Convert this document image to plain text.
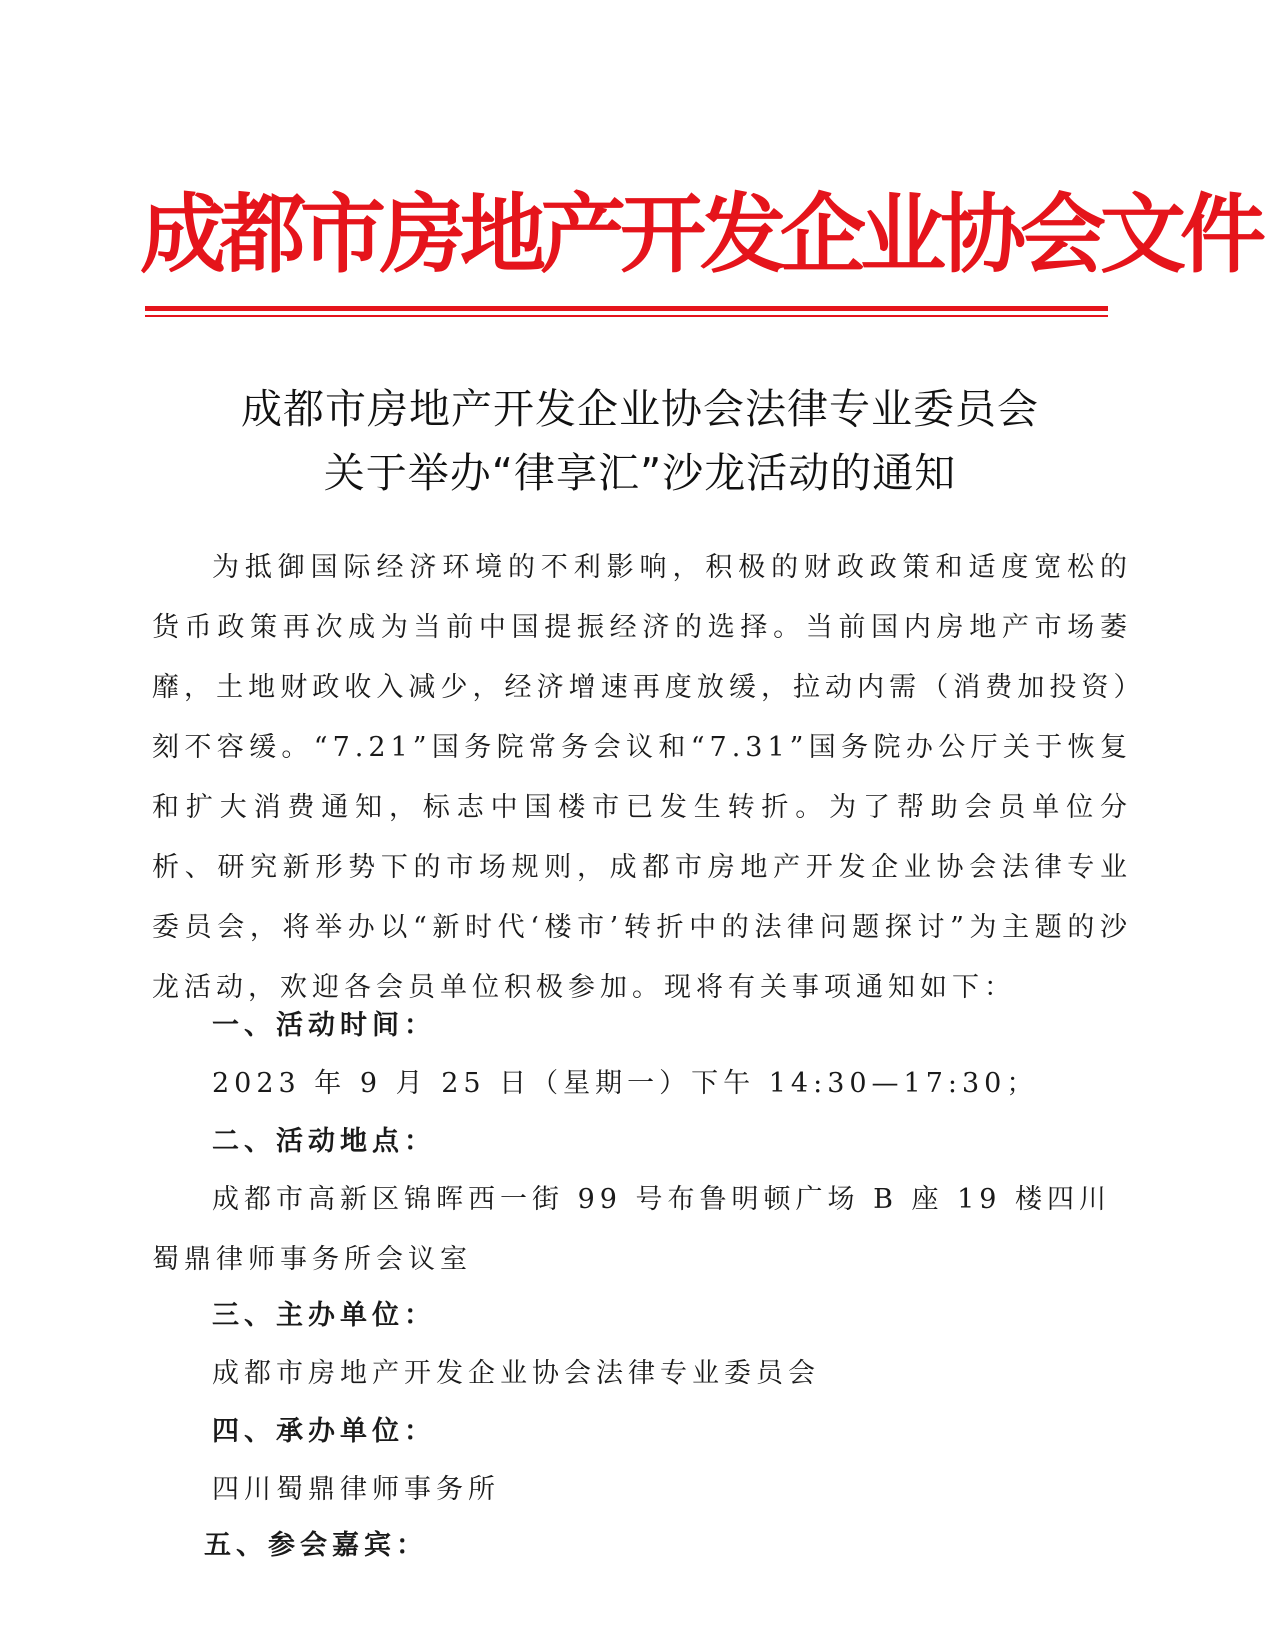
成都市房地产开发企业协会文件
成都市房地产开发企业协会法律专业委员会
关于举办“律享汇”沙龙活动的通知

为抵御国际经济环境的不利影响，积极的财政政策和适度宽松的货币政策再次成为当前中国提振经济的选择。当前国内房地产市场萎靡，土地财政收入减少，经济增速再度放缓，拉动内需（消费加投资）刻不容缓。“7.21”国务院常务会议和“7.31”国务院办公厅关于恢复和扩大消费通知，标志中国楼市已发生转折。为了帮助会员单位分析、研究新形势下的市场规则，成都市房地产开发企业协会法律专业委员会，将举办以“新时代‘楼市’转折中的法律问题探讨”为主题的沙龙活动，欢迎各会员单位积极参加。现将有关事项通知如下：

一、活动时间：
2023 年 9 月 25 日（星期一）下午 14:30—17:30；
二、活动地点：
成都市高新区锦晖西一街 99 号布鲁明顿广场 B 座 19 楼四川蜀鼎律师事务所会议室
三、主办单位：
成都市房地产开发企业协会法律专业委员会
四、承办单位：
四川蜀鼎律师事务所
五、参会嘉宾：
